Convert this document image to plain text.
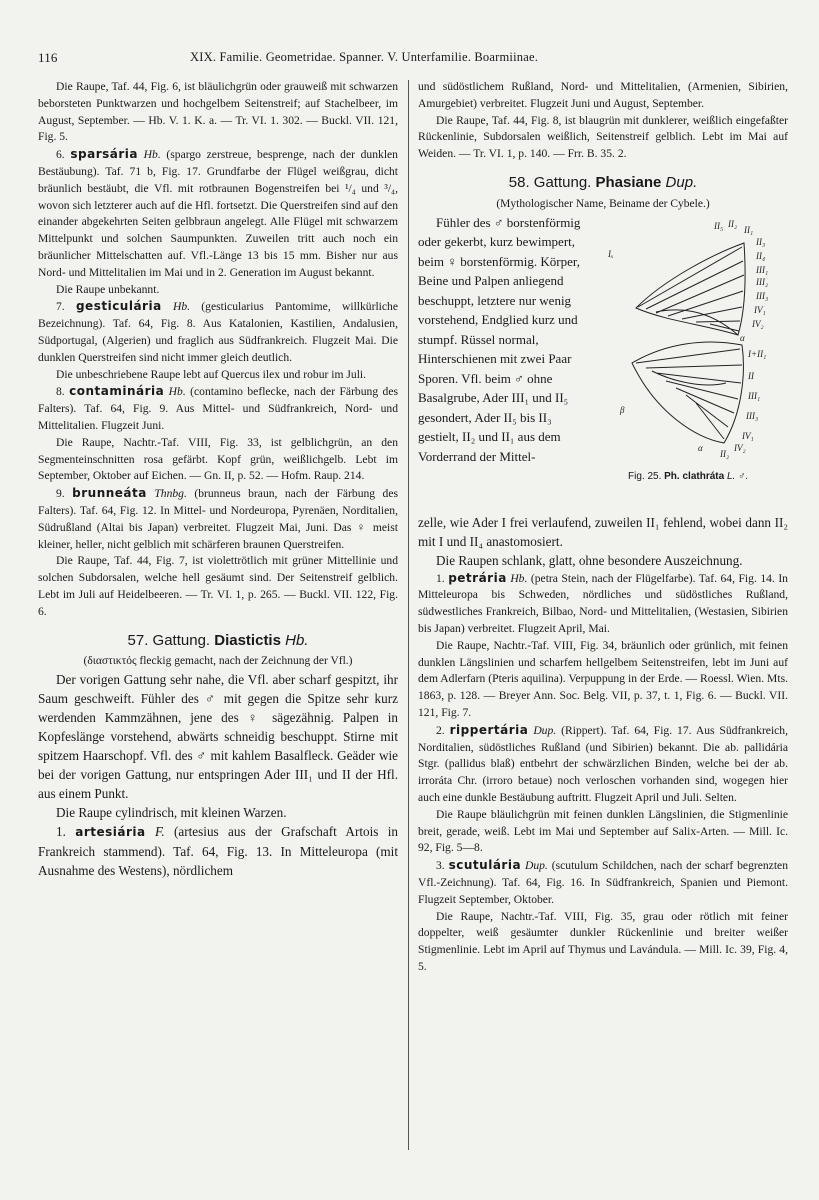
116	XIX. Familie. Geometridae. Spanner. V. Unterfamilie. Boarmiinae.

Die Raupe, Taf. 44, Fig. 6, ist bläulichgrün oder grauweiß mit schwarzen beborsteten Punktwarzen und hochgelbem Seitenstreif; auf Stachelbeer, im August, September. — Hb. V. 1. K. a. — Tr. VI. 1. 302. — Buckl. VII. 121, Fig. 5.

6. sparsária Hb. (spargo zerstreue, besprenge, nach der dunklen Bestäubung). Taf. 71 b, Fig. 17. Grundfarbe der Flügel weißgrau, dicht bräunlich bestäubt, die Vfl. mit rotbraunen Bogenstreifen bei ¹/₄ und ³/₄, wovon sich letzterer auch auf die Hfl. fortsetzt. Die Querstreifen sind auf den einander abgekehrten Seiten gelbbraun angelegt. Alle Flügel mit schwarzem Mittelpunkt und solchen Saumpunkten. Zuweilen tritt auch noch ein bräunlicher Mittelschatten auf. Vfl.-Länge 13 bis 15 mm. Bisher nur aus Nord- und Mittelitalien im Mai und in 2. Generation im August bekannt.

Die Raupe unbekannt.

7. gesticulária Hb. (gesticularius Pantomime, willkürliche Bezeichnung). Taf. 64, Fig. 8. Aus Katalonien, Kastilien, Andalusien, Südportugal, (Algerien) und fraglich aus Südfrankreich. Flugzeit Mai. Die dunklen Querstreifen sind nicht immer gleich deutlich.

Die unbeschriebene Raupe lebt auf Quercus ilex und robur im Juli.

8. contaminária Hb. (contamino beflecke, nach der Färbung des Falters). Taf. 64, Fig. 9. Aus Mittel- und Südfrankreich, Nord- und Mittelitalien. Flugzeit Juni.

Die Raupe, Nachtr.-Taf. VIII, Fig. 33, ist gelblichgrün, an den Segmenteinschnitten rosa gefärbt. Kopf grün, weißlichgelb. Lebt im September, Oktober auf Eichen. — Gn. II, p. 52. — Hofm. Raup. 214.

9. brunneáta Thnbg. (brunneus braun, nach der Färbung des Falters). Taf. 64, Fig. 12. In Mittel- und Nordeuropa, Pyrenäen, Norditalien, Südrußland (Altai bis Japan) verbreitet. Flugzeit Mai, Juni. Das ♀ meist kleiner, heller, nicht gelblich mit schärferen braunen Querstreifen.

Die Raupe, Taf. 44, Fig. 7, ist violettrötlich mit grüner Mittellinie und solchen Subdorsalen, welche hell gesäumt sind. Der Seitenstreif gelblich. Lebt im Juli auf Heidelbeeren. — Tr. VI. 1, p. 265. — Buckl. VII. 122, Fig. 6.

57. Gattung. Diastictis Hb.

(διαστικτός fleckig gemacht, nach der Zeichnung der Vfl.)

Der vorigen Gattung sehr nahe, die Vfl. aber scharf gespitzt, ihr Saum geschweift. Fühler des ♂ mit gegen die Spitze sehr kurz werdenden Kammzähnen, jene des ♀ sägezähnig. Palpen in Kopfeslänge vorstehend, abwärts schneidig beschuppt. Stirne mit spitzem Haarschopf. Vfl. des ♂ mit kahlem Basalfleck. Geäder wie bei der vorigen Gattung, nur entspringen Ader III₁ und II der Hfl. aus einem Punkt.

Die Raupe cylindrisch, mit kleinen Warzen.

1. artesiária F. (artesius aus der Grafschaft Artois in Frankreich stammend). Taf. 64, Fig. 13. In Mitteleuropa (mit Ausnahme des Westens), nördlichem

und südöstlichem Rußland, Nord- und Mittelitalien, (Armenien, Sibirien, Amurgebiet) verbreitet. Flugzeit Juni und August, September.

Die Raupe, Taf. 44, Fig. 8, ist blaugrün mit dunklerer, weißlich eingefaßter Rückenlinie, Subdorsalen weißlich, Seitenstreif gelblich. Lebt im Mai auf Weiden. — Tr. VI. 1, p. 140. — Frr. B. 35. 2.

58. Gattung. Phasiane Dup.

(Mythologischer Name, Beiname der Cybele.)

Fühler des ♂ borstenförmig oder gekerbt, kurz bewimpert, beim ♀ borstenförmig. Körper, Beine und Palpen anliegend beschuppt, letztere nur wenig vorstehend, Endglied kurz und stumpf. Rüssel normal, Hinterschienen mit zwei Paar Sporen. Vfl. beim ♂ ohne Basalgrube, Ader III₁ und II₅ gesondert, Ader II₅ bis II₃ gestielt, II₂ und II₁ aus dem Vorderrand der Mittel-

Iₓ
II₅ II₁
II₂
II₃
II₄
III₁
III₂
III₃
IV₁
IV₂
α
I+II₁
II
III₁
β
α
II₂
IV₁
III₃
IV₂
Fig. 25. Ph. clathráta L. ♂.

zelle, wie Ader I frei verlaufend, zuweilen II₁ fehlend, wobei dann II₂ mit I und II₄ anastomosiert.

Die Raupen schlank, glatt, ohne besondere Auszeichnung.

1. petrária Hb. (petra Stein, nach der Flügelfarbe). Taf. 64, Fig. 14. In Mitteleuropa bis Schweden, nördliches und südöstliches Rußland, südwestliches Frankreich, Bilbao, Nord- und Mittelitalien, (Westasien, Sibirien bis Japan) verbreitet. Flugzeit April, Mai.

Die Raupe, Nachtr.-Taf. VIII, Fig. 34, bräunlich oder grünlich, mit feinen dunklen Längslinien und scharfem hellgelbem Seitenstreifen, lebt im Juni auf dem Adlerfarn (Pteris aquilina). Verpuppung in der Erde. — Roessl. Wien. Mts. 1863, p. 128. — Breyer Ann. Soc. Belg. VII, p. 37, t. 1, Fig. 6. — Buckl. VII. 121, Fig. 7.

2. rippertária Dup. (Rippert). Taf. 64, Fig. 17. Aus Südfrankreich, Norditalien, südöstliches Rußland (und Sibirien) bekannt. Die ab. pallidária Stgr. (pallidus blaß) entbehrt der schwärzlichen Binden, welche bei der ab. irroráta Chr. (irroro betaue) noch verloschen vorhanden sind, wogegen hier auch eine dunkle Bestäubung auftritt. Flugzeit April und Juli. Selten.

Die Raupe bläulichgrün mit feinen dunklen Längslinien, die Stigmenlinie breit, gerade, weiß. Lebt im Mai und September auf Salix-Arten. — Mill. Ic. 92, Fig. 5—8.

3. scutulária Dup. (scutulum Schildchen, nach der scharf begrenzten Vfl.-Zeichnung). Taf. 64, Fig. 16. In Südfrankreich, Spanien und Piemont. Flugzeit September, Oktober.

Die Raupe, Nachtr.-Taf. VIII, Fig. 35, grau oder rötlich mit feiner doppelter, weiß gesäumter dunkler Rückenlinie und breiter weißer Stigmenlinie. Lebt im April auf Thymus und Lavándula. — Mill. Ic. 39, Fig. 4, 5.
